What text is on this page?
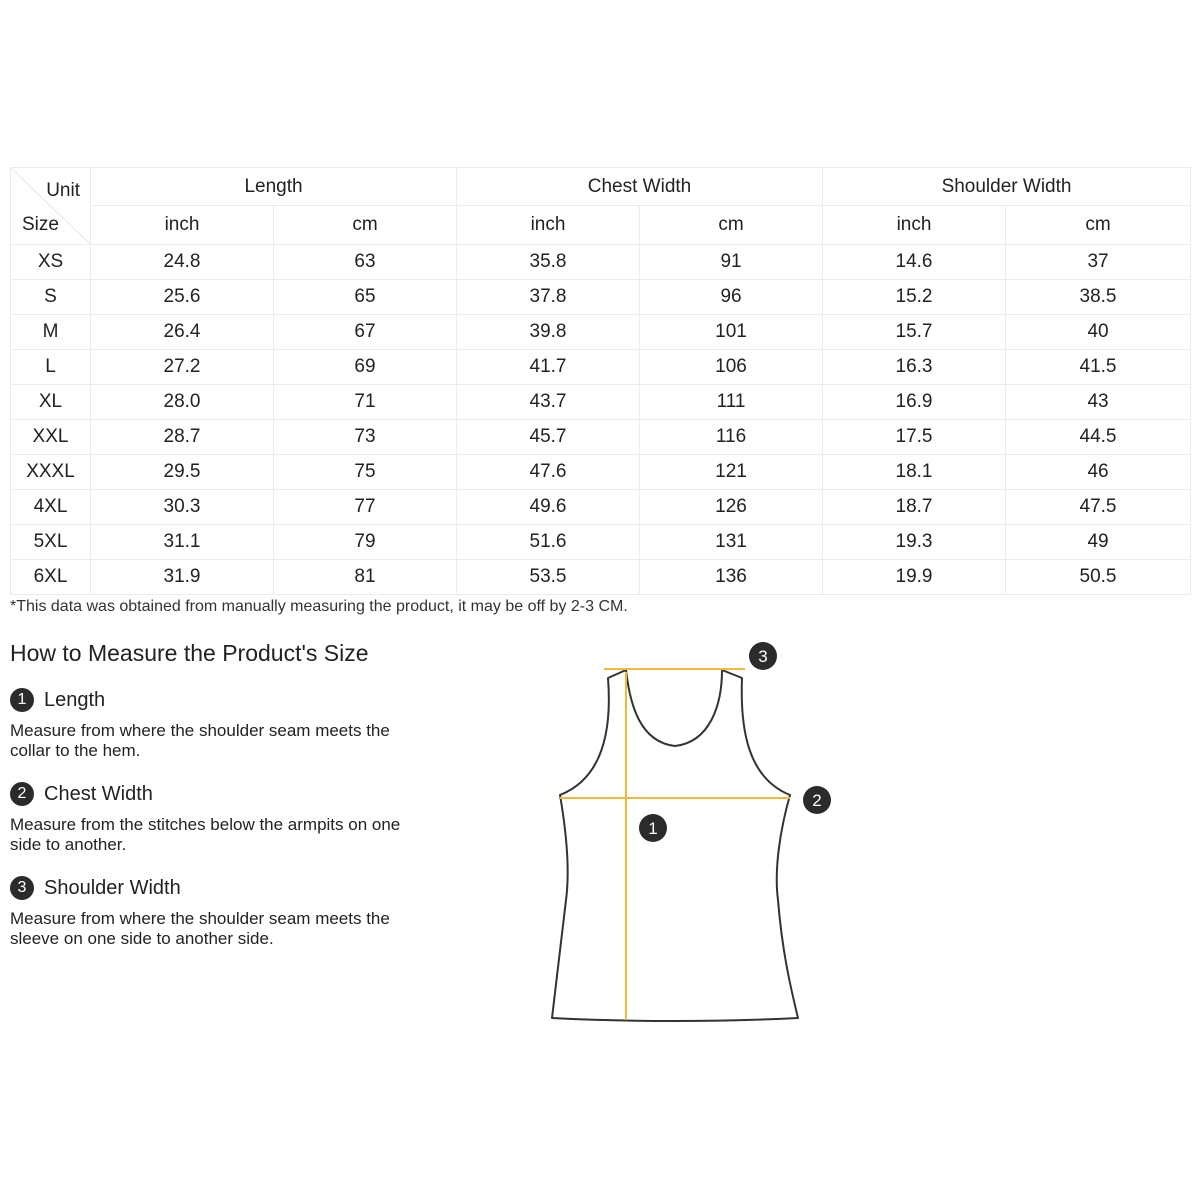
Unit
Size	Length		Chest Width		Shoulder Width	
	inch	cm	inch	cm	inch	cm
XS	24.8	63	35.8	91	14.6	37
S	25.6	65	37.8	96	15.2	38.5
M	26.4	67	39.8	101	15.7	40
L	27.2	69	41.7	106	16.3	41.5
XL	28.0	71	43.7	111	16.9	43
XXL	28.7	73	45.7	116	17.5	44.5
XXXL	29.5	75	47.6	121	18.1	46
4XL	30.3	77	49.6	126	18.7	47.5
5XL	31.1	79	51.6	131	19.3	49
6XL	31.9	81	53.5	136	19.9	50.5
*This data was obtained from manually measuring the product, it may be off by 2-3 CM.
How to Measure the Product's Size
1 Length
Measure from where the shoulder seam meets the collar to the hem.
2 Chest Width
Measure from the stitches below the armpits on one side to another.
3 Shoulder Width
Measure from where the shoulder seam meets the sleeve on one side to another side.
1
2
3
